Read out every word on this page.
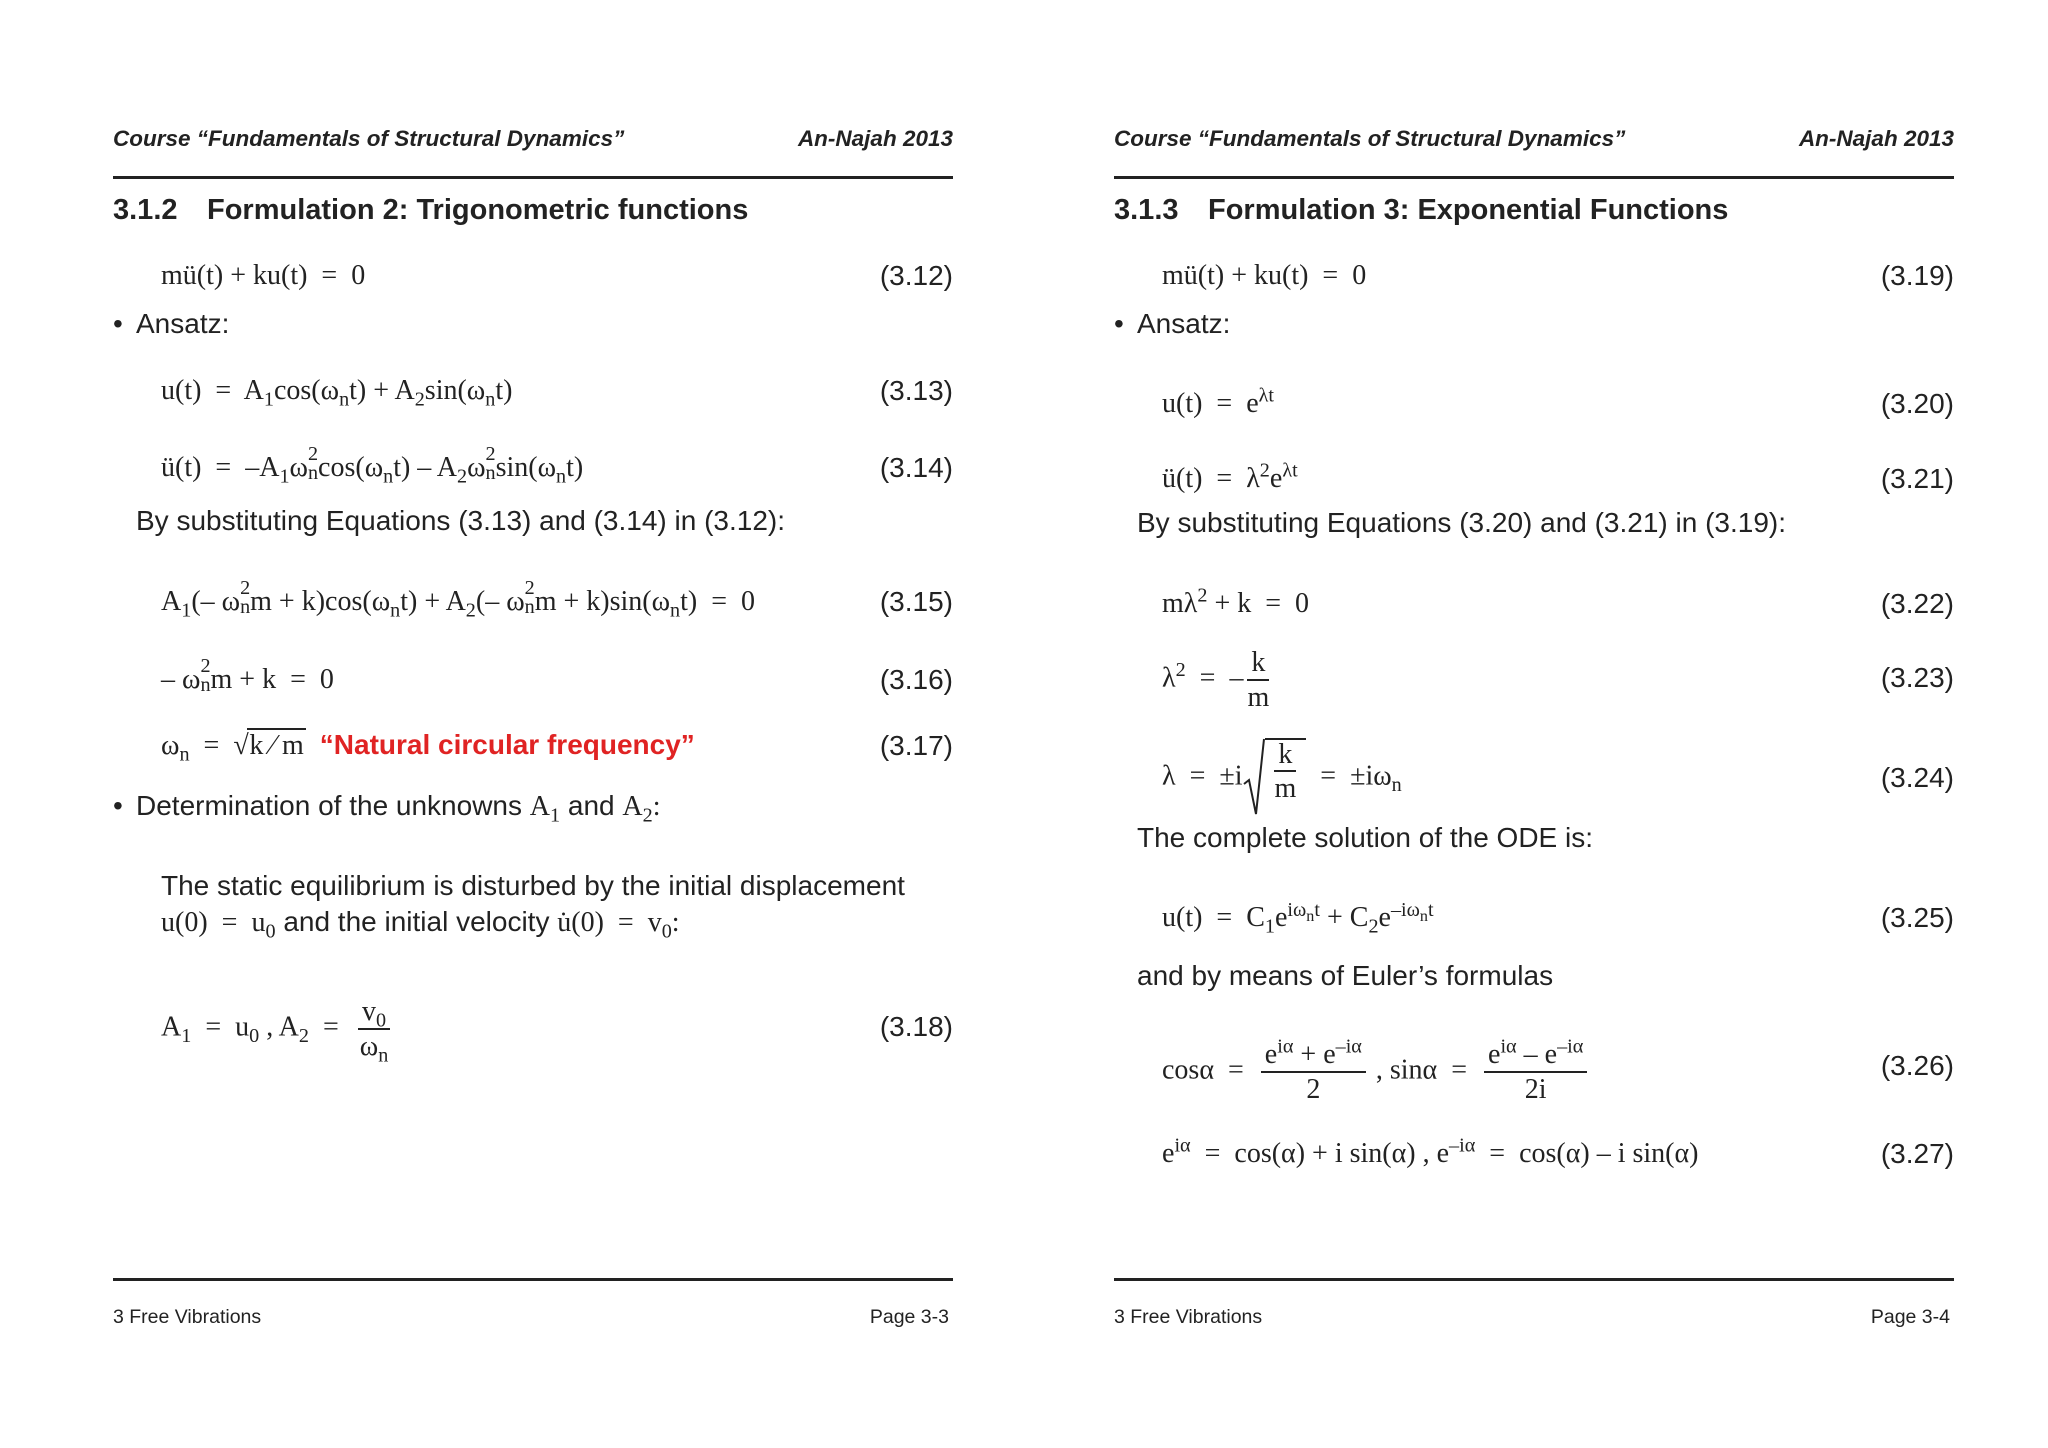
Course “Fundamentals of Structural Dynamics”	An-Najah 2013
3.1.2 Formulation 2: Trigonometric functions
mü(t) + ku(t)  =  0	(3.12)
• Ansatz:
$u(t) = A_1\cos(\omega_nt) + A_2\sin(\omega_nt)$	(3.13)
ü(t)  =  $-A_1\omega$ 2
n $\cos(\omega_nt) - A_2\omega$ 2
n $\sin(\omega_nt)$	(3.14)
By substituting Equations (3.13) and (3.14) in (3.12):
$A_1(-$ ω 2
n $m + k)\cos(\omega_nt) + A_2(-$ ω 2
n $m + k)\sin(\omega_nt) = 0$	(3.15)
– ω 2
n m + k  =  0	(3.16)
$\omega_n$  =  √ k ⁄ m “Natural circular frequency”	(3.17)
• Determination of the unknowns $A_1$ and $A_2$:
The static equilibrium is disturbed by the initial displacement
$u(0) = u_0$ and the initial velocity u̇(0)  =  $v_0$:
$A_1 = u_0$ , $A_2 = \frac{v_0}{\omega_n}$	(3.18)
3 Free Vibrations	Page 3-3
Course “Fundamentals of Structural Dynamics”	An-Najah 2013
3.1.3 Formulation 3: Exponential Functions
mü(t) + ku(t)  =  0	(3.19)
• Ansatz:
$u(t) = e^{\lambda t}$	(3.20)
ü(t)  =  $\lambda^2e^{\lambda t}$	(3.21)
By substituting Equations (3.20) and (3.21) in (3.19):
$m\lambda^2 + k = 0$	(3.22)
$\lambda^2$  =  – $\frac{k}{m}$	(3.23)
$\lambda = \pm i \frac{k}{m} = \pm i\omega_n$	(3.24)
The complete solution of the ODE is:
$u(t) = C_1e^{i\omega_nt} + C_2e^{-i\omega_nt}$	(3.25)
and by means of Euler’s formulas
$\cos\alpha = \frac{e^{i\alpha} + e^{-i\alpha}}{2}$ , $\sin\alpha = \frac{e^{i\alpha} - e^{-i\alpha}}{2i}$	(3.26)
$e^{i\alpha} = \cos(\alpha) + i$ sin(α) , $e^{-i\alpha} = \cos(\alpha) - i$ sin(α)	(3.27)
3 Free Vibrations	Page 3-4
